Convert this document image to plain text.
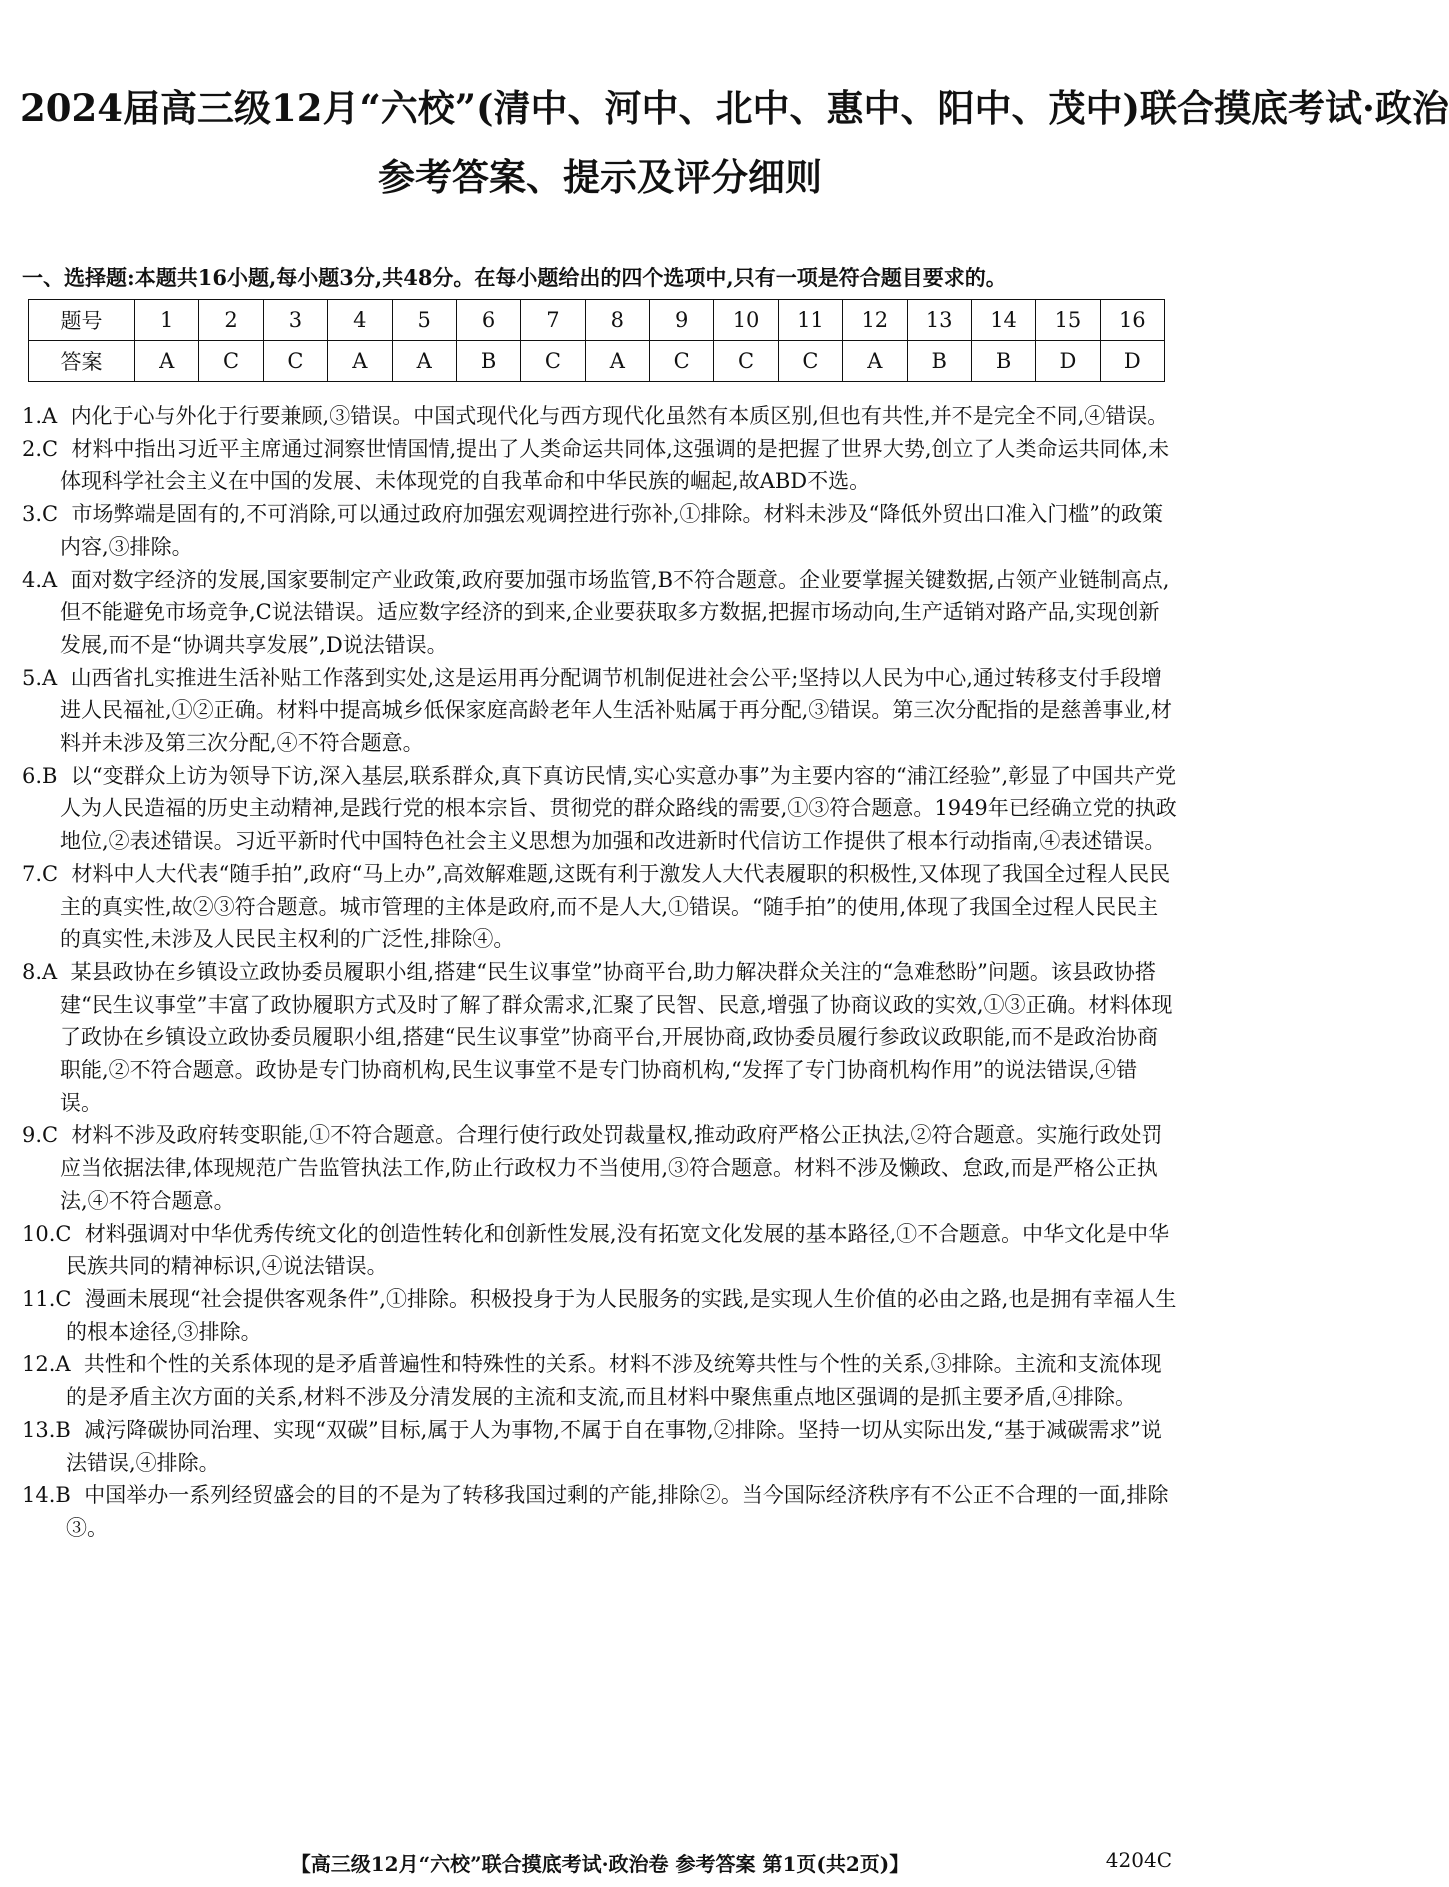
2024届高三级12月“六校”(清中、河中、北中、惠中、阳中、茂中)联合摸底考试·政治
参考答案、提示及评分细则
一、选择题:本题共16小题,每小题3分,共48分。在每小题给出的四个选项中,只有一项是符合题目要求的。
题号	1	2	3	4	5	6	7	8	9	10	11	12	13	14	15	16
答案	A	C	C	A	A	B	C	A	C	C	C	A	B	B	D	D

1.A 内化于心与外化于行要兼顾,③错误。中国式现代化与西方现代化虽然有本质区别,但也有共性,并不是完全不同,④错误。

2.C 材料中指出习近平主席通过洞察世情国情,提出了人类命运共同体,这强调的是把握了世界大势,创立了人类命运共同体,未体现科学社会主义在中国的发展、未体现党的自我革命和中华民族的崛起,故ABD不选。

3.C 市场弊端是固有的,不可消除,可以通过政府加强宏观调控进行弥补,①排除。材料未涉及“降低外贸出口准入门槛”的政策内容,③排除。

4.A 面对数字经济的发展,国家要制定产业政策,政府要加强市场监管,B不符合题意。企业要掌握关键数据,占领产业链制高点,但不能避免市场竞争,C说法错误。适应数字经济的到来,企业要获取多方数据,把握市场动向,生产适销对路产品,实现创新发展,而不是“协调共享发展”,D说法错误。

5.A 山西省扎实推进生活补贴工作落到实处,这是运用再分配调节机制促进社会公平;坚持以人民为中心,通过转移支付手段增进人民福祉,①②正确。材料中提高城乡低保家庭高龄老年人生活补贴属于再分配,③错误。第三次分配指的是慈善事业,材料并未涉及第三次分配,④不符合题意。

6.B 以“变群众上访为领导下访,深入基层,联系群众,真下真访民情,实心实意办事”为主要内容的“浦江经验”,彰显了中国共产党人为人民造福的历史主动精神,是践行党的根本宗旨、贯彻党的群众路线的需要,①③符合题意。1949年已经确立党的执政地位,②表述错误。习近平新时代中国特色社会主义思想为加强和改进新时代信访工作提供了根本行动指南,④表述错误。

7.C 材料中人大代表“随手拍”,政府“马上办”,高效解难题,这既有利于激发人大代表履职的积极性,又体现了我国全过程人民民主的真实性,故②③符合题意。城市管理的主体是政府,而不是人大,①错误。“随手拍”的使用,体现了我国全过程人民民主的真实性,未涉及人民民主权利的广泛性,排除④。

8.A 某县政协在乡镇设立政协委员履职小组,搭建“民生议事堂”协商平台,助力解决群众关注的“急难愁盼”问题。该县政协搭建“民生议事堂”丰富了政协履职方式及时了解了群众需求,汇聚了民智、民意,增强了协商议政的实效,①③正确。材料体现了政协在乡镇设立政协委员履职小组,搭建“民生议事堂”协商平台,开展协商,政协委员履行参政议政职能,而不是政治协商职能,②不符合题意。政协是专门协商机构,民生议事堂不是专门协商机构,“发挥了专门协商机构作用”的说法错误,④错误。

9.C 材料不涉及政府转变职能,①不符合题意。合理行使行政处罚裁量权,推动政府严格公正执法,②符合题意。实施行政处罚应当依据法律,体现规范广告监管执法工作,防止行政权力不当使用,③符合题意。材料不涉及懒政、怠政,而是严格公正执法,④不符合题意。

10.C 材料强调对中华优秀传统文化的创造性转化和创新性发展,没有拓宽文化发展的基本路径,①不合题意。中华文化是中华民族共同的精神标识,④说法错误。

11.C 漫画未展现“社会提供客观条件”,①排除。积极投身于为人民服务的实践,是实现人生价值的必由之路,也是拥有幸福人生的根本途径,③排除。

12.A 共性和个性的关系体现的是矛盾普遍性和特殊性的关系。材料不涉及统筹共性与个性的关系,③排除。主流和支流体现的是矛盾主次方面的关系,材料不涉及分清发展的主流和支流,而且材料中聚焦重点地区强调的是抓主要矛盾,④排除。

13.B 减污降碳协同治理、实现“双碳”目标,属于人为事物,不属于自在事物,②排除。坚持一切从实际出发,“基于减碳需求”说法错误,④排除。

14.B 中国举办一系列经贸盛会的目的不是为了转移我国过剩的产能,排除②。当今国际经济秩序有不公正不合理的一面,排除③。

【高三级12月“六校”联合摸底考试·政治卷 参考答案 第1页(共2页)】	4204C
